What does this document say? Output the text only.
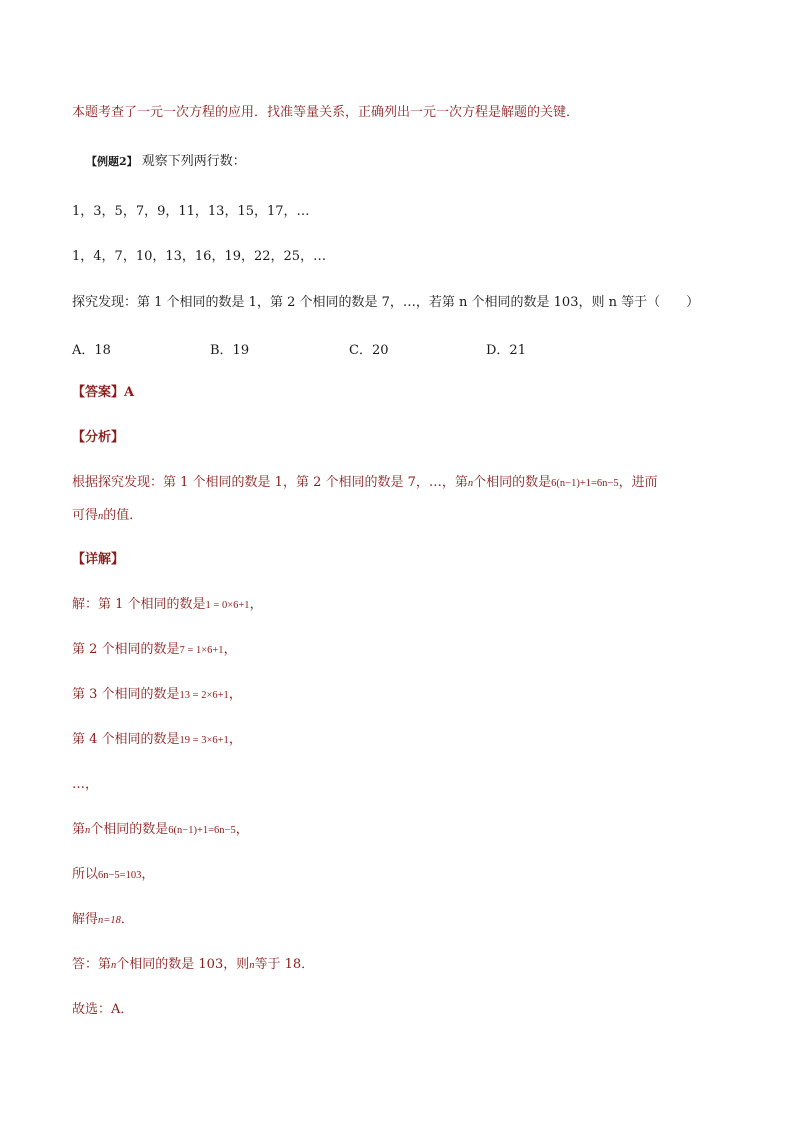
本题考查了一元一次方程的应用．找准等量关系，正确列出一元一次方程是解题的关键．
【例题2】 观察下列两行数：
1，3，5，7，9，11，13，15，17，…
1，4，7，10，13，16，19，22，25，…
探究发现：第 1 个相同的数是 1，第 2 个相同的数是 7，…，若第 n 个相同的数是 103，则 n 等于（　　）
A．18	B．19	C．20	D．21
【答案】A
【分析】
根据探究发现：第 1 个相同的数是 1，第 2 个相同的数是 7，…，第n个相同的数是6(n−1)+1=6n−5，进而
可得n的值．
【详解】
解：第 1 个相同的数是1 = 0×6+1，
第 2 个相同的数是7 = 1×6+1，
第 3 个相同的数是13 = 2×6+1，
第 4 个相同的数是19 = 3×6+1，
…，
第n个相同的数是6(n−1)+1=6n−5，
所以6n−5=103，
解得n=18．
答：第n个相同的数是 103，则n等于 18．
故选：A．
